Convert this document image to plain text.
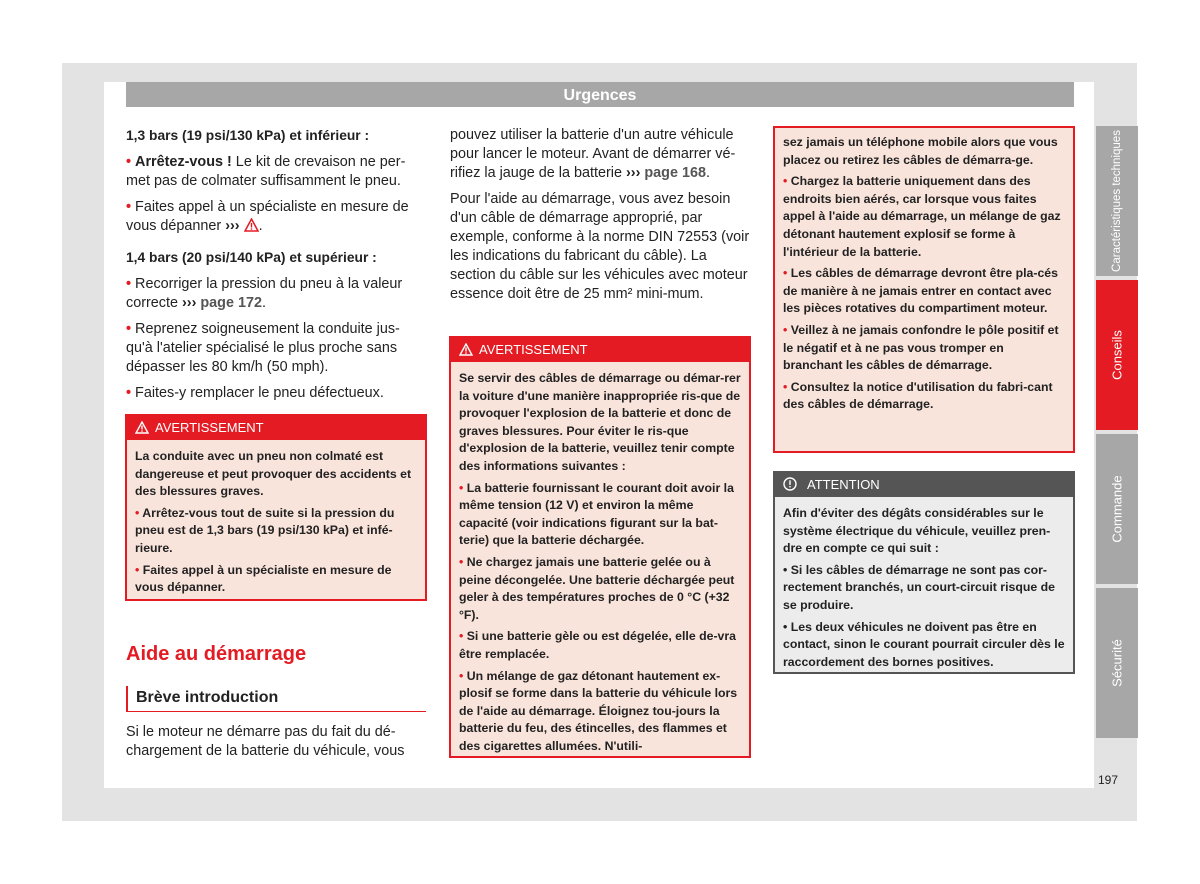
Urgences

1,3 bars (19 psi/130 kPa) et inférieur :

• Arrêtez-vous ! Le kit de crevaison ne per-met pas de colmater suffisamment le pneu.

• Faites appel à un spécialiste en mesure de vous dépanner ››› .

1,4 bars (20 psi/140 kPa) et supérieur :

• Recorriger la pression du pneu à la valeur correcte ››› page 172.

• Reprenez soigneusement la conduite jus-qu'à l'atelier spécialisé le plus proche sans dépasser les 80 km/h (50 mph).

• Faites-y remplacer le pneu défectueux.

AVERTISSEMENT

La conduite avec un pneu non colmaté est dangereuse et peut provoquer des accidents et des blessures graves.

• Arrêtez-vous tout de suite si la pression du pneu est de 1,3 bars (19 psi/130 kPa) et infé-rieure.

• Faites appel à un spécialiste en mesure de vous dépanner.

Aide au démarrage
Brève introduction

Si le moteur ne démarre pas du fait du dé-chargement de la batterie du véhicule, vous

pouvez utiliser la batterie d'un autre véhicule pour lancer le moteur. Avant de démarrer vé-rifiez la jauge de la batterie ››› page 168.

Pour l'aide au démarrage, vous avez besoin d'un câble de démarrage approprié, par exemple, conforme à la norme DIN 72553 (voir les indications du fabricant du câble). La section du câble sur les véhicules avec moteur essence doit être de 25 mm² mini-mum.

AVERTISSEMENT

Se servir des câbles de démarrage ou démar-rer la voiture d'une manière inappropriée ris-que de provoquer l'explosion de la batterie et donc de graves blessures. Pour éviter le ris-que d'explosion de la batterie, veuillez tenir compte des informations suivantes :

• La batterie fournissant le courant doit avoir la même tension (12 V) et environ la même capacité (voir indications figurant sur la bat-terie) que la batterie déchargée.

• Ne chargez jamais une batterie gelée ou à peine décongelée. Une batterie déchargée peut geler à des températures proches de 0 °C (+32 °F).

• Si une batterie gèle ou est dégelée, elle de-vra être remplacée.

• Un mélange de gaz détonant hautement ex-plosif se forme dans la batterie du véhicule lors de l'aide au démarrage. Éloignez tou-jours la batterie du feu, des étincelles, des flammes et des cigarettes allumées. N'utili-

sez jamais un téléphone mobile alors que vous placez ou retirez les câbles de démarra-ge.

• Chargez la batterie uniquement dans des endroits bien aérés, car lorsque vous faites appel à l'aide au démarrage, un mélange de gaz détonant hautement explosif se forme à l'intérieur de la batterie.

• Les câbles de démarrage devront être pla-cés de manière à ne jamais entrer en contact avec les pièces rotatives du compartiment moteur.

• Veillez à ne jamais confondre le pôle positif et le négatif et à ne pas vous tromper en branchant les câbles de démarrage.

• Consultez la notice d'utilisation du fabri-cant des câbles de démarrage.

ATTENTION

Afin d'éviter des dégâts considérables sur le système électrique du véhicule, veuillez pren-dre en compte ce qui suit :

• Si les câbles de démarrage ne sont pas cor-rectement branchés, un court-circuit risque de se produire.

• Les deux véhicules ne doivent pas être en contact, sinon le courant pourrait circuler dès le raccordement des bornes positives.

Caractéristiques techniques
Conseils
Commande
Sécurité
197
